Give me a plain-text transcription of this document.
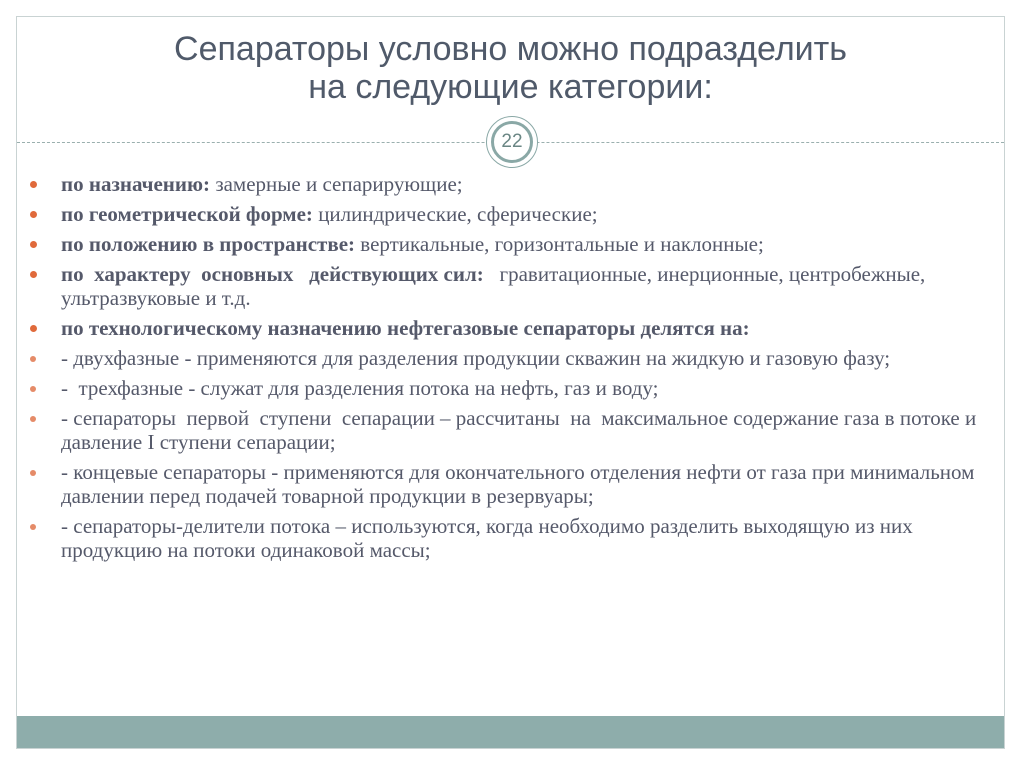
Сепараторы условно можно подразделить
на следующие категории:
22
по назначению: замерные и сепарирующие;
по геометрической форме: цилиндрические, сферические;
по положению в пространстве: вертикальные, горизонтальные и наклонные;
по  характеру  основных   действующих сил:   гравитационные, инерционные, центробежные, ультразвуковые и т.д.
по технологическому назначению нефтегазовые сепараторы делятся на:
- двухфазные - применяются для разделения продукции скважин на жидкую и газовую фазу;
-  трехфазные - служат для разделения потока на нефть, газ и воду;
- сепараторы  первой  ступени  сепарации – рассчитаны  на  максимальное содержание газа в потоке и давление I ступени сепарации;
- концевые сепараторы - применяются для окончательного отделения нефти от газа при минимальном давлении перед подачей товарной продукции в резервуары;
- сепараторы-делители потока – используются, когда необходимо разделить выходящую из них продукцию на потоки одинаковой массы;
